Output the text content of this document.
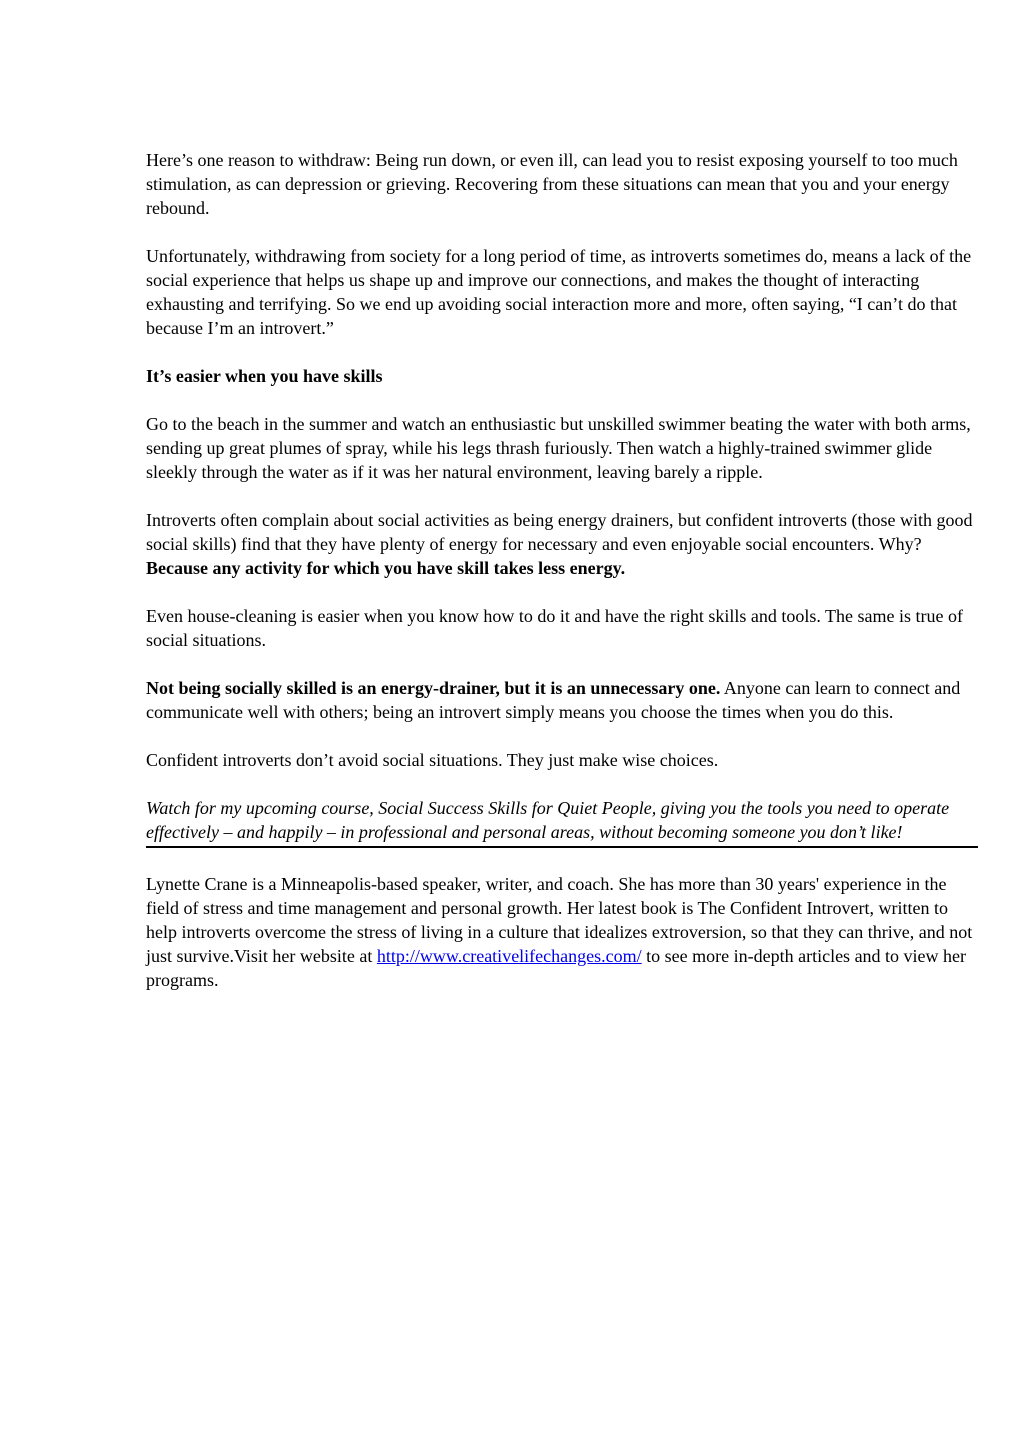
Here’s one reason to withdraw: Being run down, or even ill, can lead you to resist exposing yourself to too much stimulation, as can depression or grieving. Recovering from these situations can mean that you and your energy rebound.

Unfortunately, withdrawing from society for a long period of time, as introverts sometimes do, means a lack of the social experience that helps us shape up and improve our connections, and makes the thought of interacting exhausting and terrifying. So we end up avoiding social interaction more and more, often saying, “I can’t do that because I’m an introvert.”

It’s easier when you have skills

Go to the beach in the summer and watch an enthusiastic but unskilled swimmer beating the water with both arms, sending up great plumes of spray, while his legs thrash furiously. Then watch a highly-trained swimmer glide sleekly through the water as if it was her natural environment, leaving barely a ripple.

Introverts often complain about social activities as being energy drainers, but confident introverts (those with good social skills) find that they have plenty of energy for necessary and even enjoyable social encounters. Why? Because any activity for which you have skill takes less energy.

Even house-cleaning is easier when you know how to do it and have the right skills and tools. The same is true of social situations.

Not being socially skilled is an energy-drainer, but it is an unnecessary one. Anyone can learn to connect and communicate well with others; being an introvert simply means you choose the times when you do this.

Confident introverts don’t avoid social situations. They just make wise choices.

Watch for my upcoming course, Social Success Skills for Quiet People, giving you the tools you need to operate effectively – and happily – in professional and personal areas, without becoming someone you don’t like!

Lynette Crane is a Minneapolis-based speaker, writer, and coach. She has more than 30 years' experience in the field of stress and time management and personal growth. Her latest book is The Confident Introvert, written to help introverts overcome the stress of living in a culture that idealizes extroversion, so that they can thrive, and not just survive.Visit her website at http://www.creativelifechanges.com/ to see more in-depth articles and to view her programs.
